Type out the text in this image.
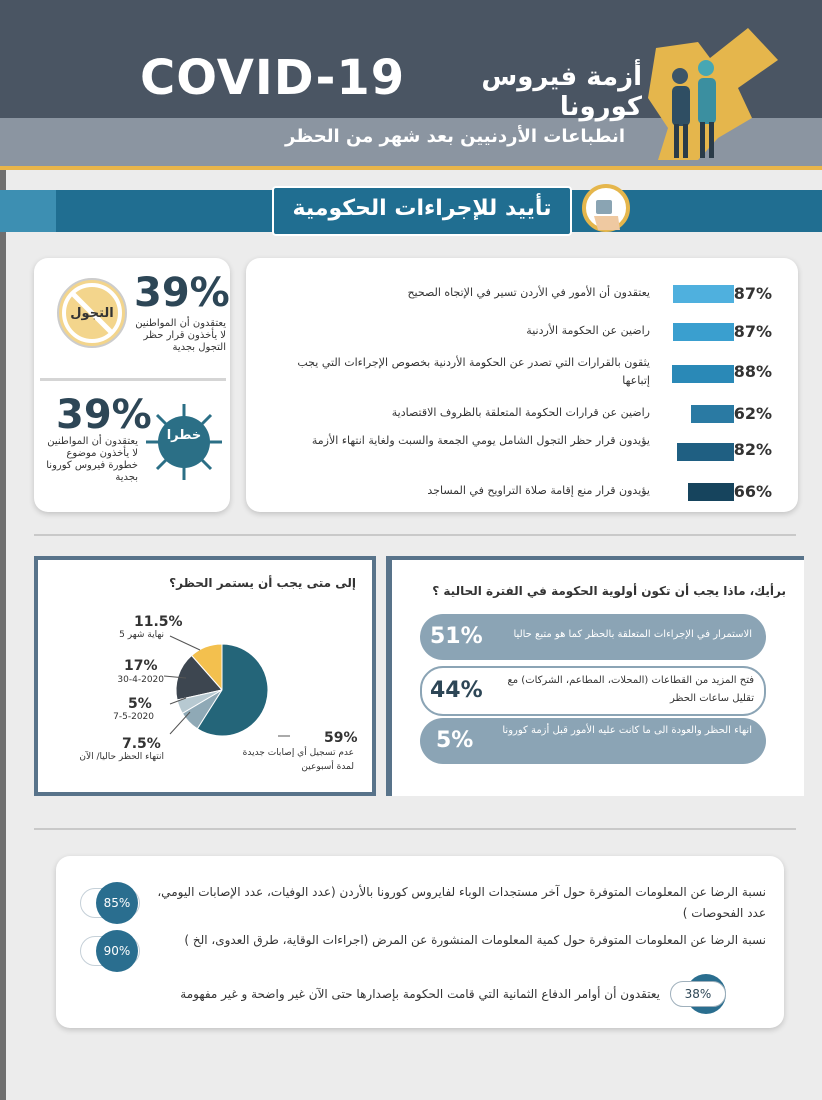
COVID-19	أزمة فيروس كورونا
انطباعات الأردنيين بعد شهر من الحظر
تأييد للإجراءات الحكومية
التجول 39%
يعتقدون أن المواطنين لا يأخذون قرار حظر التجول بجدية
39%
يعتقدون أن المواطنين لا يأخذون موضوع خطورة فيروس كورونا بجدية
خطرا
يعتقدون أن الأمور في الأردن تسير في الإتجاه الصحيح	87%
راضين عن الحكومة الأردنية	87%
يثقون بالقرارات التي تصدر عن الحكومة الأردنية بخصوص الإجراءات التي يجب إتباعها	88%
راضين عن قرارات الحكومة المتعلقة بالظروف الاقتصادية	62%
يؤيدون قرار حظر التجول الشامل يومي الجمعة والسبت ولغاية انتهاء الأزمة	82%
يؤيدون قرار منع إقامة صلاة التراويح في المساجد	66%
إلى متى يجب أن يستمر الحظر؟
11.5%
نهاية شهر 5
17%
30-4-2020
5%
7-5-2020
7.5%
انتهاء الحظر حاليا/ الآن
59%
عدم تسجيل أي إصابات جديدة لمدة أسبوعين
برأيك، ماذا يجب أن تكون أولوية الحكومة في الفترة الحالية ؟
51%	الاستمرار في الإجراءات المتعلقة بالحظر كما هو متبع حاليا
44%	فتح المزيد من القطاعات (المحلات، المطاعم، الشركات) مع تقليل ساعات الحظر
5%	انهاء الحظر والعودة الى ما كانت عليه الأمور قبل أزمة كورونا
85%
نسبة الرضا عن المعلومات المتوفرة حول آخر مستجدات الوباء لفايروس كورونا بالأردن (عدد الوفيات، عدد الإصابات اليومي، عدد الفحوصات )
90%
نسبة الرضا عن المعلومات المتوفرة حول كمية المعلومات المنشورة عن المرض (اجراءات الوقاية، طرق العدوى، الخ )
38%
يعتقدون أن أوامر الدفاع الثمانية التي قامت الحكومة بإصدارها حتى الآن غير واضحة و غير مفهومة
